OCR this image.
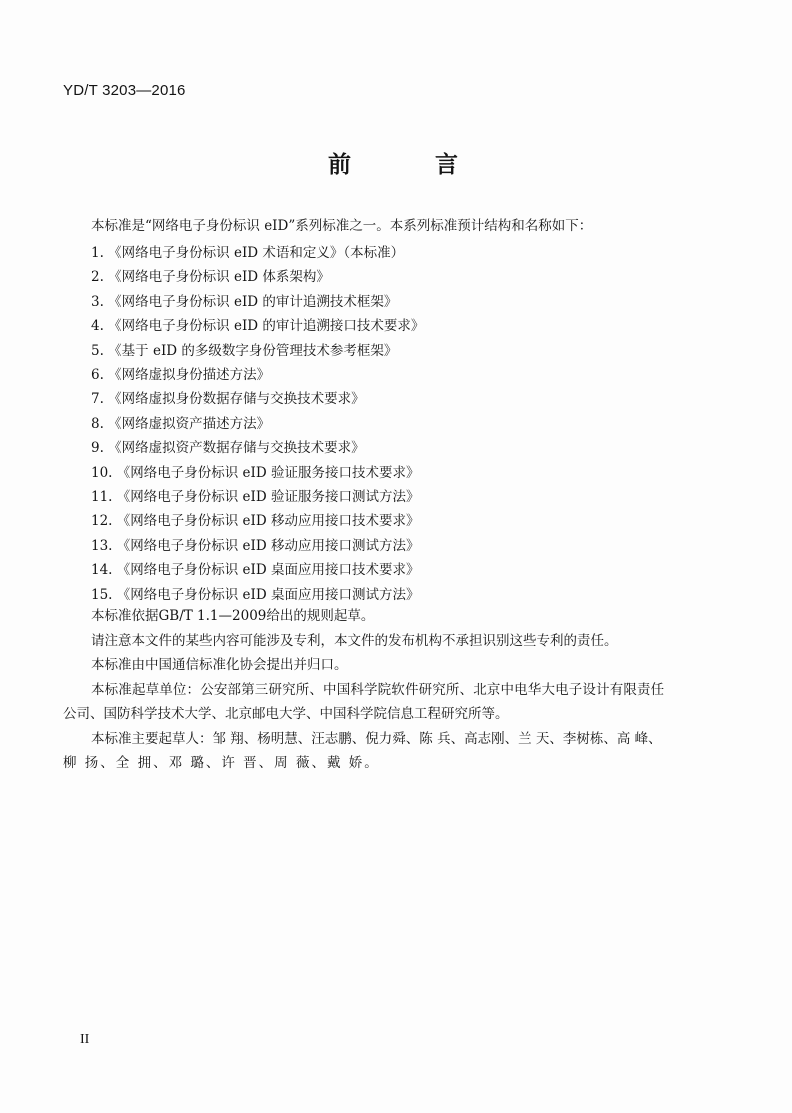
YD/T 3203—2016
前 言
本标准是“网络电子身份标识 eID”系列标准之一。本系列标准预计结构和名称如下：
1. 《网络电子身份标识 eID 术语和定义》（本标准）
2. 《网络电子身份标识 eID 体系架构》
3. 《网络电子身份标识 eID 的审计追溯技术框架》
4. 《网络电子身份标识 eID 的审计追溯接口技术要求》
5. 《基于 eID 的多级数字身份管理技术参考框架》
6. 《网络虚拟身份描述方法》
7. 《网络虚拟身份数据存储与交换技术要求》
8. 《网络虚拟资产描述方法》
9. 《网络虚拟资产数据存储与交换技术要求》
10. 《网络电子身份标识 eID 验证服务接口技术要求》
11. 《网络电子身份标识 eID 验证服务接口测试方法》
12. 《网络电子身份标识 eID 移动应用接口技术要求》
13. 《网络电子身份标识 eID 移动应用接口测试方法》
14. 《网络电子身份标识 eID 桌面应用接口技术要求》
15. 《网络电子身份标识 eID 桌面应用接口测试方法》
本标准依据GB/T 1.1—2009给出的规则起草。
请注意本文件的某些内容可能涉及专利，本文件的发布机构不承担识别这些专利的责任。
本标准由中国通信标准化协会提出并归口。
本标准起草单位：公安部第三研究所、中国科学院软件研究所、北京中电华大电子设计有限责任
公司、国防科学技术大学、北京邮电大学、中国科学院信息工程研究所等。
本标准主要起草人：邹 翔、杨明慧、汪志鹏、倪力舜、陈 兵、高志刚、兰 天、李树栋、高 峰、
柳 扬、全 拥、邓 璐、许 晋、周 薇、戴 娇。
II
